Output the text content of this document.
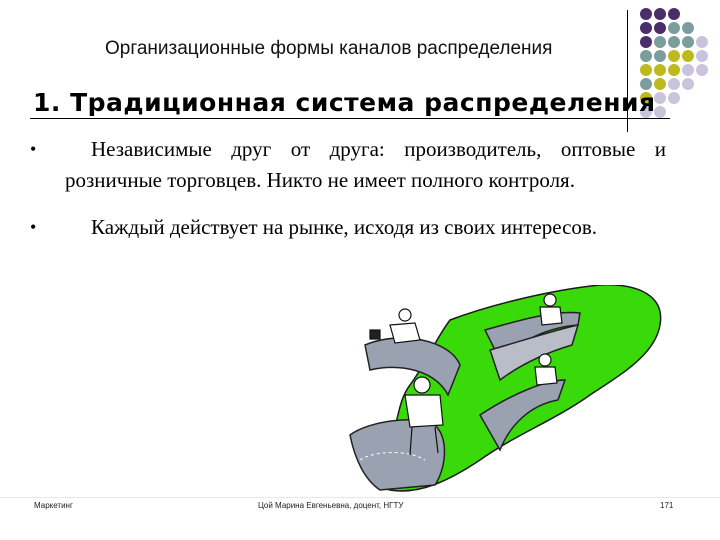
Организационные формы каналов распределения
1. Традиционная система распределения
•	Независимые друг от друга: производитель, оптовые и розничные торговцев. Никто не имеет полного контроля.
•	Каждый действует на рынке, исходя из своих интересов.
Маркетинг	Цой Марина Евгеньевна, доцент, НГТУ	171
